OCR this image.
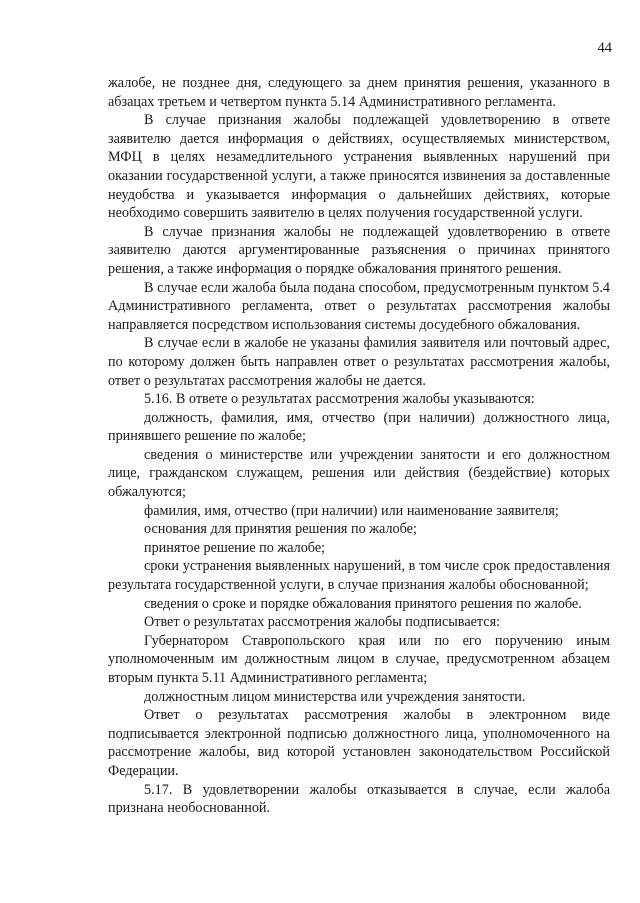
44

жалобе, не позднее дня, следующего за днем принятия решения, указанного в абзацах третьем и четвертом пункта 5.14 Административного регламента.

В случае признания жалобы подлежащей удовлетворению в ответе заявителю дается информация о действиях, осуществляемых министерством, МФЦ в целях незамедлительного устранения выявленных нарушений при оказании государственной услуги, а также приносятся извинения за доставленные неудобства и указывается информация о дальнейших действиях, которые необходимо совершить заявителю в целях получения государственной услуги.

В случае признания жалобы не подлежащей удовлетворению в ответе заявителю даются аргументированные разъяснения о причинах принятого решения, а также информация о порядке обжалования принятого решения.

В случае если жалоба была подана способом, предусмотренным пунктом 5.4 Административного регламента, ответ о результатах рассмотрения жалобы направляется посредством использования системы досудебного обжалования.

В случае если в жалобе не указаны фамилия заявителя или почтовый адрес, по которому должен быть направлен ответ о результатах рассмотрения жалобы, ответ о результатах рассмотрения жалобы не дается.

5.16. В ответе о результатах рассмотрения жалобы указываются:

должность, фамилия, имя, отчество (при наличии) должностного лица, принявшего решение по жалобе;

сведения о министерстве или учреждении занятости и его должностном лице, гражданском служащем, решения или действия (бездействие) которых обжалуются;

фамилия, имя, отчество (при наличии) или наименование заявителя;

основания для принятия решения по жалобе;

принятое решение по жалобе;

сроки устранения выявленных нарушений, в том числе срок предоставления результата государственной услуги, в случае признания жалобы обоснованной;

сведения о сроке и порядке обжалования принятого решения по жалобе.

Ответ о результатах рассмотрения жалобы подписывается:

Губернатором Ставропольского края или по его поручению иным уполномоченным им должностным лицом в случае, предусмотренном абзацем вторым пункта 5.11 Административного регламента;

должностным лицом министерства или учреждения занятости.

Ответ о результатах рассмотрения жалобы в электронном виде подписывается электронной подписью должностного лица, уполномоченного на рассмотрение жалобы, вид которой установлен законодательством Российской Федерации.

5.17. В удовлетворении жалобы отказывается в случае, если жалоба признана необоснованной.
